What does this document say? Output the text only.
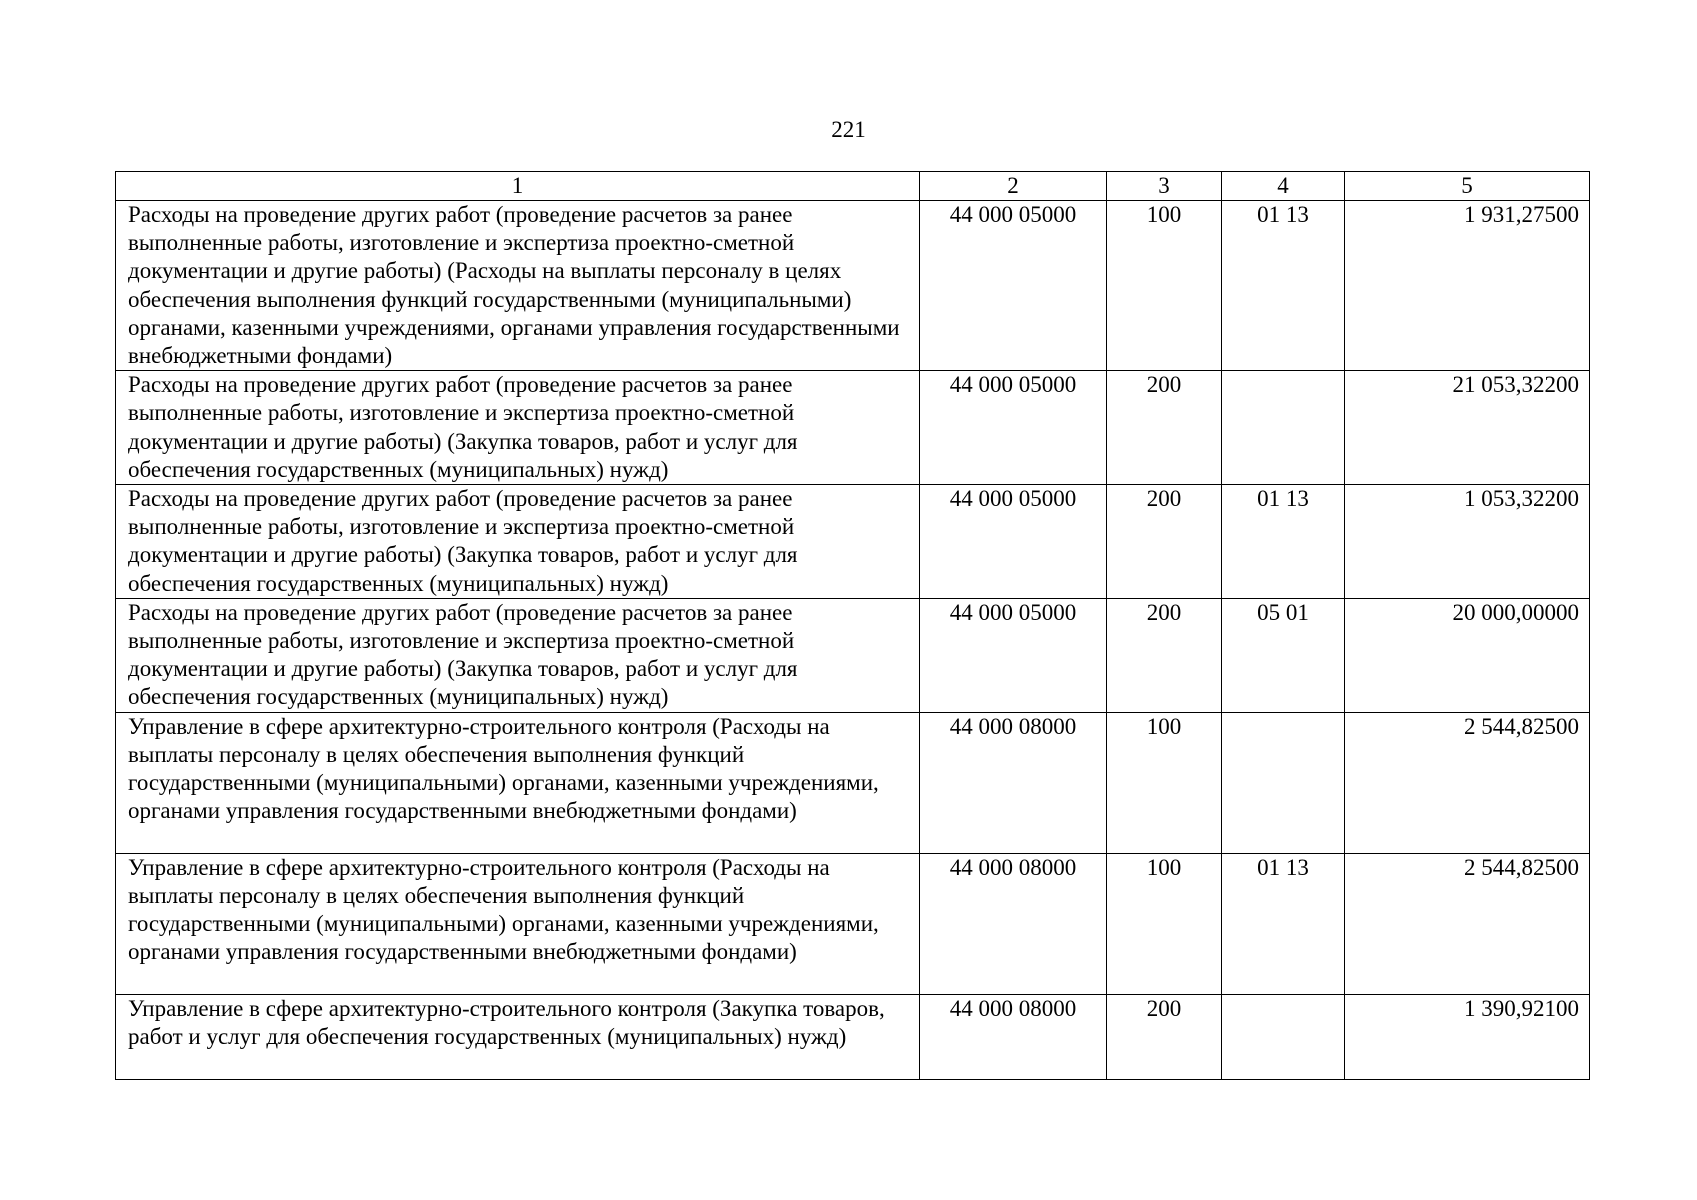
221
1	2	3	4	5
Расходы на проведение других работ (проведение расчетов за ранее выполненные работы, изготовление и экспертиза проектно-сметной документации и другие работы) (Расходы на выплаты персоналу в целях обеспечения выполнения функций государственными (муниципальными) органами, казенными учреждениями, органами управления государственными внебюджетными фондами)	44 000 05000	100	01 13	1 931,27500
Расходы на проведение других работ (проведение расчетов за ранее выполненные работы, изготовление и экспертиза проектно-сметной документации и другие работы) (Закупка товаров, работ и услуг для обеспечения государственных (муниципальных) нужд)	44 000 05000	200		21 053,32200
Расходы на проведение других работ (проведение расчетов за ранее выполненные работы, изготовление и экспертиза проектно-сметной документации и другие работы) (Закупка товаров, работ и услуг для обеспечения государственных (муниципальных) нужд)	44 000 05000	200	01 13	1 053,32200
Расходы на проведение других работ (проведение расчетов за ранее выполненные работы, изготовление и экспертиза проектно-сметной документации и другие работы) (Закупка товаров, работ и услуг для обеспечения государственных (муниципальных) нужд)	44 000 05000	200	05 01	20 000,00000
Управление в сфере архитектурно-строительного контроля (Расходы на выплаты персоналу в целях обеспечения выполнения функций государственными (муниципальными) органами, казенными учреждениями, органами управления государственными внебюджетными фондами)	44 000 08000	100		2 544,82500
Управление в сфере архитектурно-строительного контроля (Расходы на выплаты персоналу в целях обеспечения выполнения функций государственными (муниципальными) органами, казенными учреждениями, органами управления государственными внебюджетными фондами)	44 000 08000	100	01 13	2 544,82500
Управление в сфере архитектурно-строительного контроля (Закупка товаров, работ и услуг для обеспечения государственных (муниципальных) нужд)	44 000 08000	200		1 390,92100
